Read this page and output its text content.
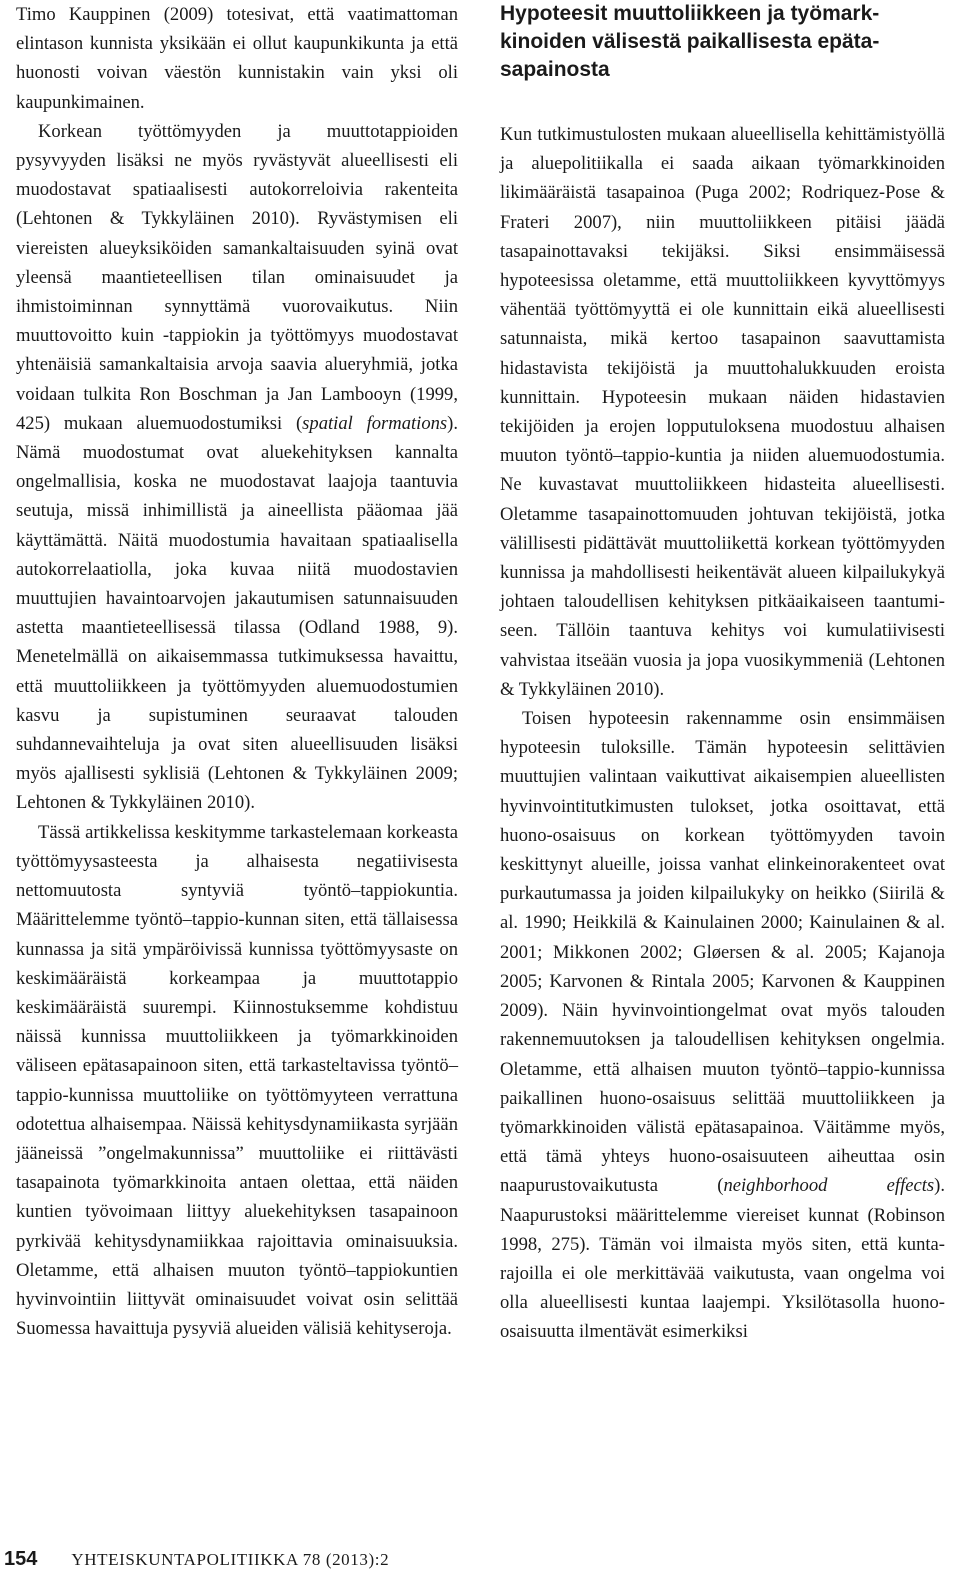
Timo Kauppinen (2009) totesivat, että vaatimattoman elintason kunnista yksikään ei ollut kaupunkikunta ja että huonosti voivan väestön kunnistakin vain yksi oli kaupunkimainen.

Korkean työttömyyden ja muuttotappioiden pysyvyyden lisäksi ne myös ryvästyvät alueellisesti eli muodostavat spatiaalisesti autokorreloivia rakenteita (Lehtonen & Tykkyläinen 2010). Ryvästymisen eli viereisten alueyksiköiden samankaltaisuuden syinä ovat yleensä maantieteellisen tilan ominaisuudet ja ihmistoiminnan synnyttämä vuorovaikutus. Niin muuttovoitto kuin -tappiokin ja työttömyys muodostavat yhtenäisiä samankaltaisia arvoja saavia alueryhmiä, jotka voidaan tulkita Ron Boschman ja Jan Lambooyn (1999, 425) mukaan aluemuodostumiksi (spatial formations). Nämä muodostumat ovat aluekehityksen kannalta ongelmallisia, koska ne muodostavat laajoja taantuvia seutuja, missä inhimillistä ja aineellista pääomaa jää käyttämättä. Näitä muodostumia havaitaan spatiaalisella autokorrelaatiolla, joka kuvaa niitä muodostavien muuttujien havaintoarvojen jakautumisen satunnaisuuden astetta maantieteellisessä tilassa (Odland 1988, 9). Menetelmällä on aikaisemmassa tutkimuksessa havaittu, että muuttoliikkeen ja työttömyyden aluemuodostumien kasvu ja supistuminen seuraavat talouden suhdannevaihteluja ja ovat siten alueellisuuden lisäksi myös ajallisesti syklisiä (Lehtonen & Tykkyläinen 2009; Lehtonen & Tykkyläinen 2010).

Tässä artikkelissa keskitymme tarkastelemaan korkeasta työttömyysasteesta ja alhaisesta negatiivisesta nettomuutosta syntyviä työntö–tappiokuntia. Määrittelemme työntö–tappio-kunnan siten, että tällaisessa kunnassa ja sitä ympäröivissä kunnissa työttömyysaste on keskimääräistä korkeampaa ja muuttotappio keskimääräistä suurempi. Kiinnostuksemme kohdistuu näissä kunnissa muuttoliikkeen ja työmarkkinoiden väliseen epätasapainoon siten, että tarkasteltavissa työntö–tappio-kunnissa muuttoliike on työttömyyteen verrattuna odotettua alhaisempaa. Näissä kehitysdynamiikasta syrjään jääneissä ”ongelmakunnissa” muuttoliike ei riittävästi tasapainota työmarkkinoita antaen olettaa, että näiden kuntien työvoimaan liittyy aluekehityksen tasapainoon pyrkivää kehitysdynamiikkaa rajoittavia ominaisuuksia. Oletamme, että alhaisen muuton työntö–tappiokuntien hyvinvointiin liittyvät ominaisuudet voivat osin selittää Suomessa havaittuja pysyviä alueiden välisiä kehityseroja.

Hypoteesit muuttoliikkeen ja työmarkkinoiden välisestä paikallisesta epätasapainosta

Kun tutkimustulosten mukaan alueellisella kehittämistyöllä ja aluepolitiikalla ei saada aikaan työmarkkinoiden likimääräistä tasapainoa (Puga 2002; Rodriquez-Pose & Frateri 2007), niin muuttoliikkeen pitäisi jäädä tasapainottavaksi tekijäksi. Siksi ensimmäisessä hypoteesissa oletamme, että muuttoliikkeen kyvyttömyys vähentää työttömyyttä ei ole kunnittain eikä alueellisesti satunnaista, mikä kertoo tasapainon saavuttamista hidastavista tekijöistä ja muuttohalukkuuden eroista kunnittain. Hypoteesin mukaan näiden hidastavien tekijöiden ja erojen lopputuloksena muodostuu alhaisen muuton työntö–tappio-kuntia ja niiden aluemuodostumia. Ne kuvastavat muuttoliikkeen hidasteita alueellisesti. Oletamme tasapainottomuuden johtuvan tekijöistä, jotka välillisesti pidättävät muuttoliikettä korkean työttömyyden kunnissa ja mahdollisesti heikentävät alueen kilpailukykyä johtaen taloudellisen kehityksen pitkäaikaiseen taantumiseen. Tällöin taantuva kehitys voi kumulatiivisesti vahvistaa itseään vuosia ja jopa vuosikymmeniä (Lehtonen & Tykkyläinen 2010).

Toisen hypoteesin rakennamme osin ensimmäisen hypoteesin tuloksille. Tämän hypoteesin selittävien muuttujien valintaan vaikuttivat aikaisempien alueellisten hyvinvointitutkimusten tulokset, jotka osoittavat, että huono-osaisuus on korkean työttömyyden tavoin keskittynyt alueille, joissa vanhat elinkeinorakenteet ovat purkautumassa ja joiden kilpailukyky on heikko (Siirilä & al. 1990; Heikkilä & Kainulainen 2000; Kainulainen & al. 2001; Mikkonen 2002; Gløersen & al. 2005; Kajanoja 2005; Karvonen & Rintala 2005; Karvonen & Kauppinen 2009). Näin hyvinvointiongelmat ovat myös talouden rakennemuutoksen ja taloudellisen kehityksen ongelmia. Oletamme, että alhaisen muuton työntö–tappio-kunnissa paikallinen huono-osaisuus selittää muuttoliikkeen ja työmarkkinoiden välistä epätasapainoa. Väitämme myös, että tämä yhteys huono-osaisuuteen aiheuttaa osin naapurustovaikutusta (neighborhood effects). Naapurustoksi määrittelemme viereiset kunnat (Robinson 1998, 275). Tämän voi ilmaista myös siten, että kuntarajoilla ei ole merkittävää vaikutusta, vaan ongelma voi olla alueellisesti kuntaa laajempi. Yksilötasolla huono-osaisuutta ilmentävät esimerkiksi

154 YHTEISKUNTAPOLITIIKKA 78 (2013):2
